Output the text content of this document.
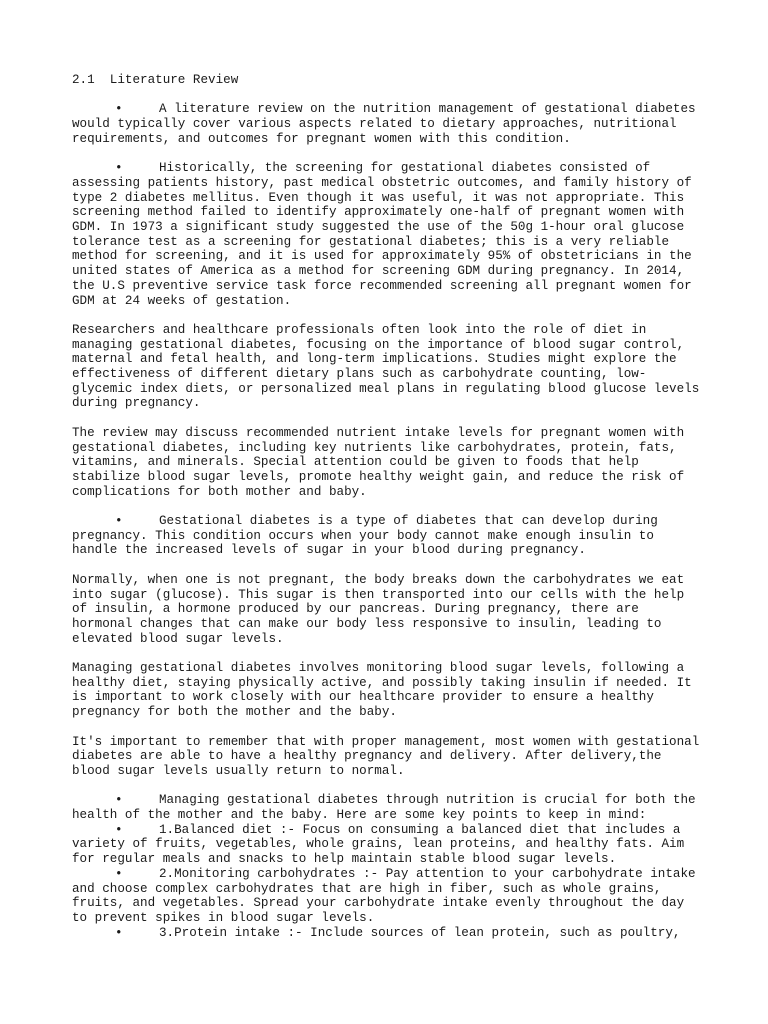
2.1  Literature Review
•	A literature review on the nutrition management of gestational diabetes would typically cover various aspects related to dietary approaches, nutritional requirements, and outcomes for pregnant women with this condition.
•	Historically, the screening for gestational diabetes consisted of assessing patients history, past medical obstetric outcomes, and family history of type 2 diabetes mellitus. Even though it was useful, it was not appropriate. This screening method failed to identify approximately one-half of pregnant women with GDM. In 1973 a significant study suggested the use of the 50g 1-hour oral glucose tolerance test as a screening for gestational diabetes; this is a very reliable method for screening, and it is used for approximately 95% of obstetricians in the united states of America as a method for screening GDM during pregnancy. In 2014, the U.S preventive service task force recommended screening all pregnant women for GDM at 24 weeks of gestation.
Researchers and healthcare professionals often look into the role of diet in managing gestational diabetes, focusing on the importance of blood sugar control, maternal and fetal health, and long-term implications. Studies might explore the effectiveness of different dietary plans such as carbohydrate counting, low-glycemic index diets, or personalized meal plans in regulating blood glucose levels during pregnancy.
The review may discuss recommended nutrient intake levels for pregnant women with gestational diabetes, including key nutrients like carbohydrates, protein, fats, vitamins, and minerals. Special attention could be given to foods that help stabilize blood sugar levels, promote healthy weight gain, and reduce the risk of complications for both mother and baby.
•	Gestational diabetes is a type of diabetes that can develop during pregnancy. This condition occurs when your body cannot make enough insulin to handle the increased levels of sugar in your blood during pregnancy.
Normally, when one is not pregnant, the body breaks down the carbohydrates we eat into sugar (glucose). This sugar is then transported into our cells with the help of insulin, a hormone produced by our pancreas. During pregnancy, there are hormonal changes that can make our body less responsive to insulin, leading to elevated blood sugar levels.
Managing gestational diabetes involves monitoring blood sugar levels, following a healthy diet, staying physically active, and possibly taking insulin if needed. It is important to work closely with our healthcare provider to ensure a healthy pregnancy for both the mother and the baby.
It's important to remember that with proper management, most women with gestational diabetes are able to have a healthy pregnancy and delivery. After delivery,the blood sugar levels usually return to normal.
•	Managing gestational diabetes through nutrition is crucial for both the health of the mother and the baby. Here are some key points to keep in mind:
•	1.Balanced diet :- Focus on consuming a balanced diet that includes a variety of fruits, vegetables, whole grains, lean proteins, and healthy fats. Aim for regular meals and snacks to help maintain stable blood sugar levels.
•	2.Monitoring carbohydrates :- Pay attention to your carbohydrate intake and choose complex carbohydrates that are high in fiber, such as whole grains, fruits, and vegetables. Spread your carbohydrate intake evenly throughout the day to prevent spikes in blood sugar levels.
•	3.Protein intake :- Include sources of lean protein, such as poultry,
